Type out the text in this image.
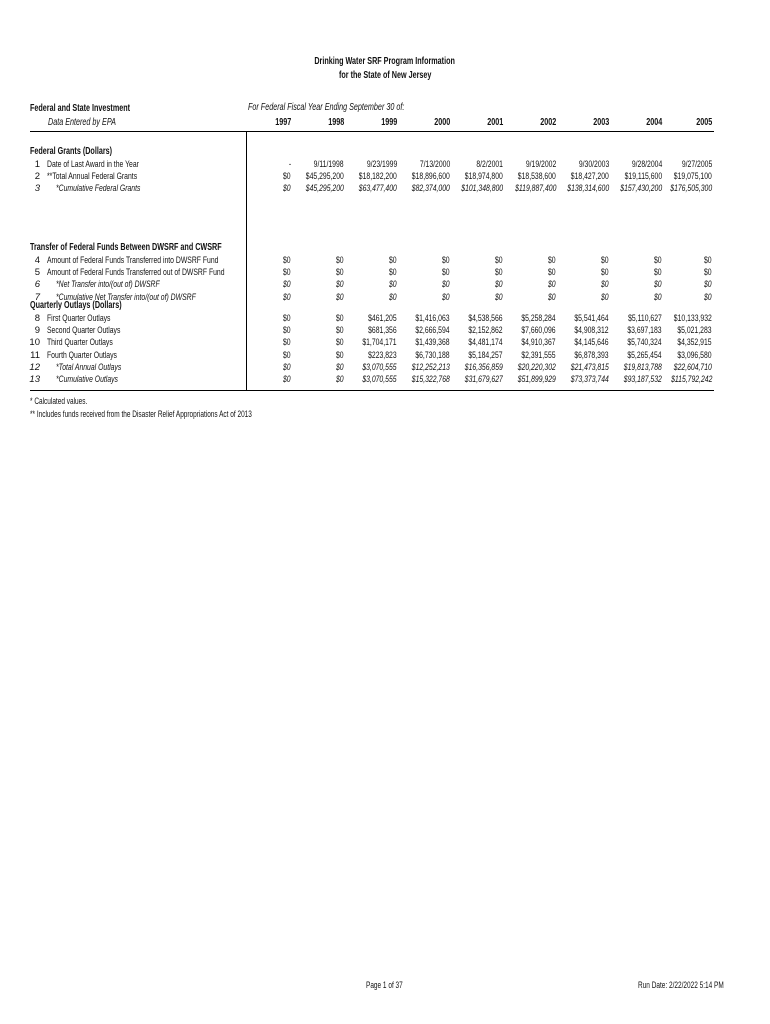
Drinking Water SRF Program Information
for the State of New Jersey
Federal and State Investment
Data Entered by EPA
For Federal Fiscal Year Ending September 30 of:
1997	1998	1999	2000	2001	2002	2003	2004	2005
Federal Grants (Dollars)
1 Date of Last Award in the Year	-	9/11/1998	9/23/1999	7/13/2000	8/2/2001	9/19/2002	9/30/2003	9/28/2004	9/27/2005
2 **Total Annual Federal Grants	$0	$45,295,200	$18,182,200	$18,896,600	$18,974,800	$18,538,600	$18,427,200	$19,115,600	$19,075,100
3 *Cumulative Federal Grants	$0	$45,295,200	$63,477,400	$82,374,000	$101,348,800	$119,887,400	$138,314,600	$157,430,200 $176,505,300
Transfer of Federal Funds Between DWSRF and CWSRF
4 Amount of Federal Funds Transferred into DWSRF Fund	$0	$0	$0	$0	$0	$0	$0	$0	$0
5 Amount of Federal Funds Transferred out of DWSRF Fund	$0	$0	$0	$0	$0	$0	$0	$0	$0
6 *Net Transfer into/(out of) DWSRF	$0	$0	$0	$0	$0	$0	$0	$0	$0
7 *Cumulative Net Transfer into/(out of) DWSRF	$0	$0	$0	$0	$0	$0	$0	$0	$0
Quarterly Outlays (Dollars)
8 First Quarter Outlays	$0	$0	$461,205	$1,416,063	$4,538,566	$5,258,284	$5,541,464	$5,110,627	$10,133,932
9 Second Quarter Outlays	$0	$0	$681,356	$2,666,594	$2,152,862	$7,660,096	$4,908,312	$3,697,183	$5,021,283
10 Third Quarter Outlays	$0	$0	$1,704,171	$1,439,368	$4,481,174	$4,910,367	$4,145,646	$5,740,324	$4,352,915
11 Fourth Quarter Outlays	$0	$0	$223,823	$6,730,188	$5,184,257	$2,391,555	$6,878,393	$5,265,454	$3,096,580
12 *Total Annual Outlays	$0	$0	$3,070,555	$12,252,213	$16,356,859	$20,220,302	$21,473,815	$19,813,788	$22,604,710
13 *Cumulative Outlays	$0	$0	$3,070,555	$15,322,768	$31,679,627	$51,899,929	$73,373,744	$93,187,532 $115,792,242
* Calculated values.
** Includes funds received from the Disaster Relief Appropriations Act of 2013
Page 1 of 37	Run Date: 2/22/2022 5:14 PM
